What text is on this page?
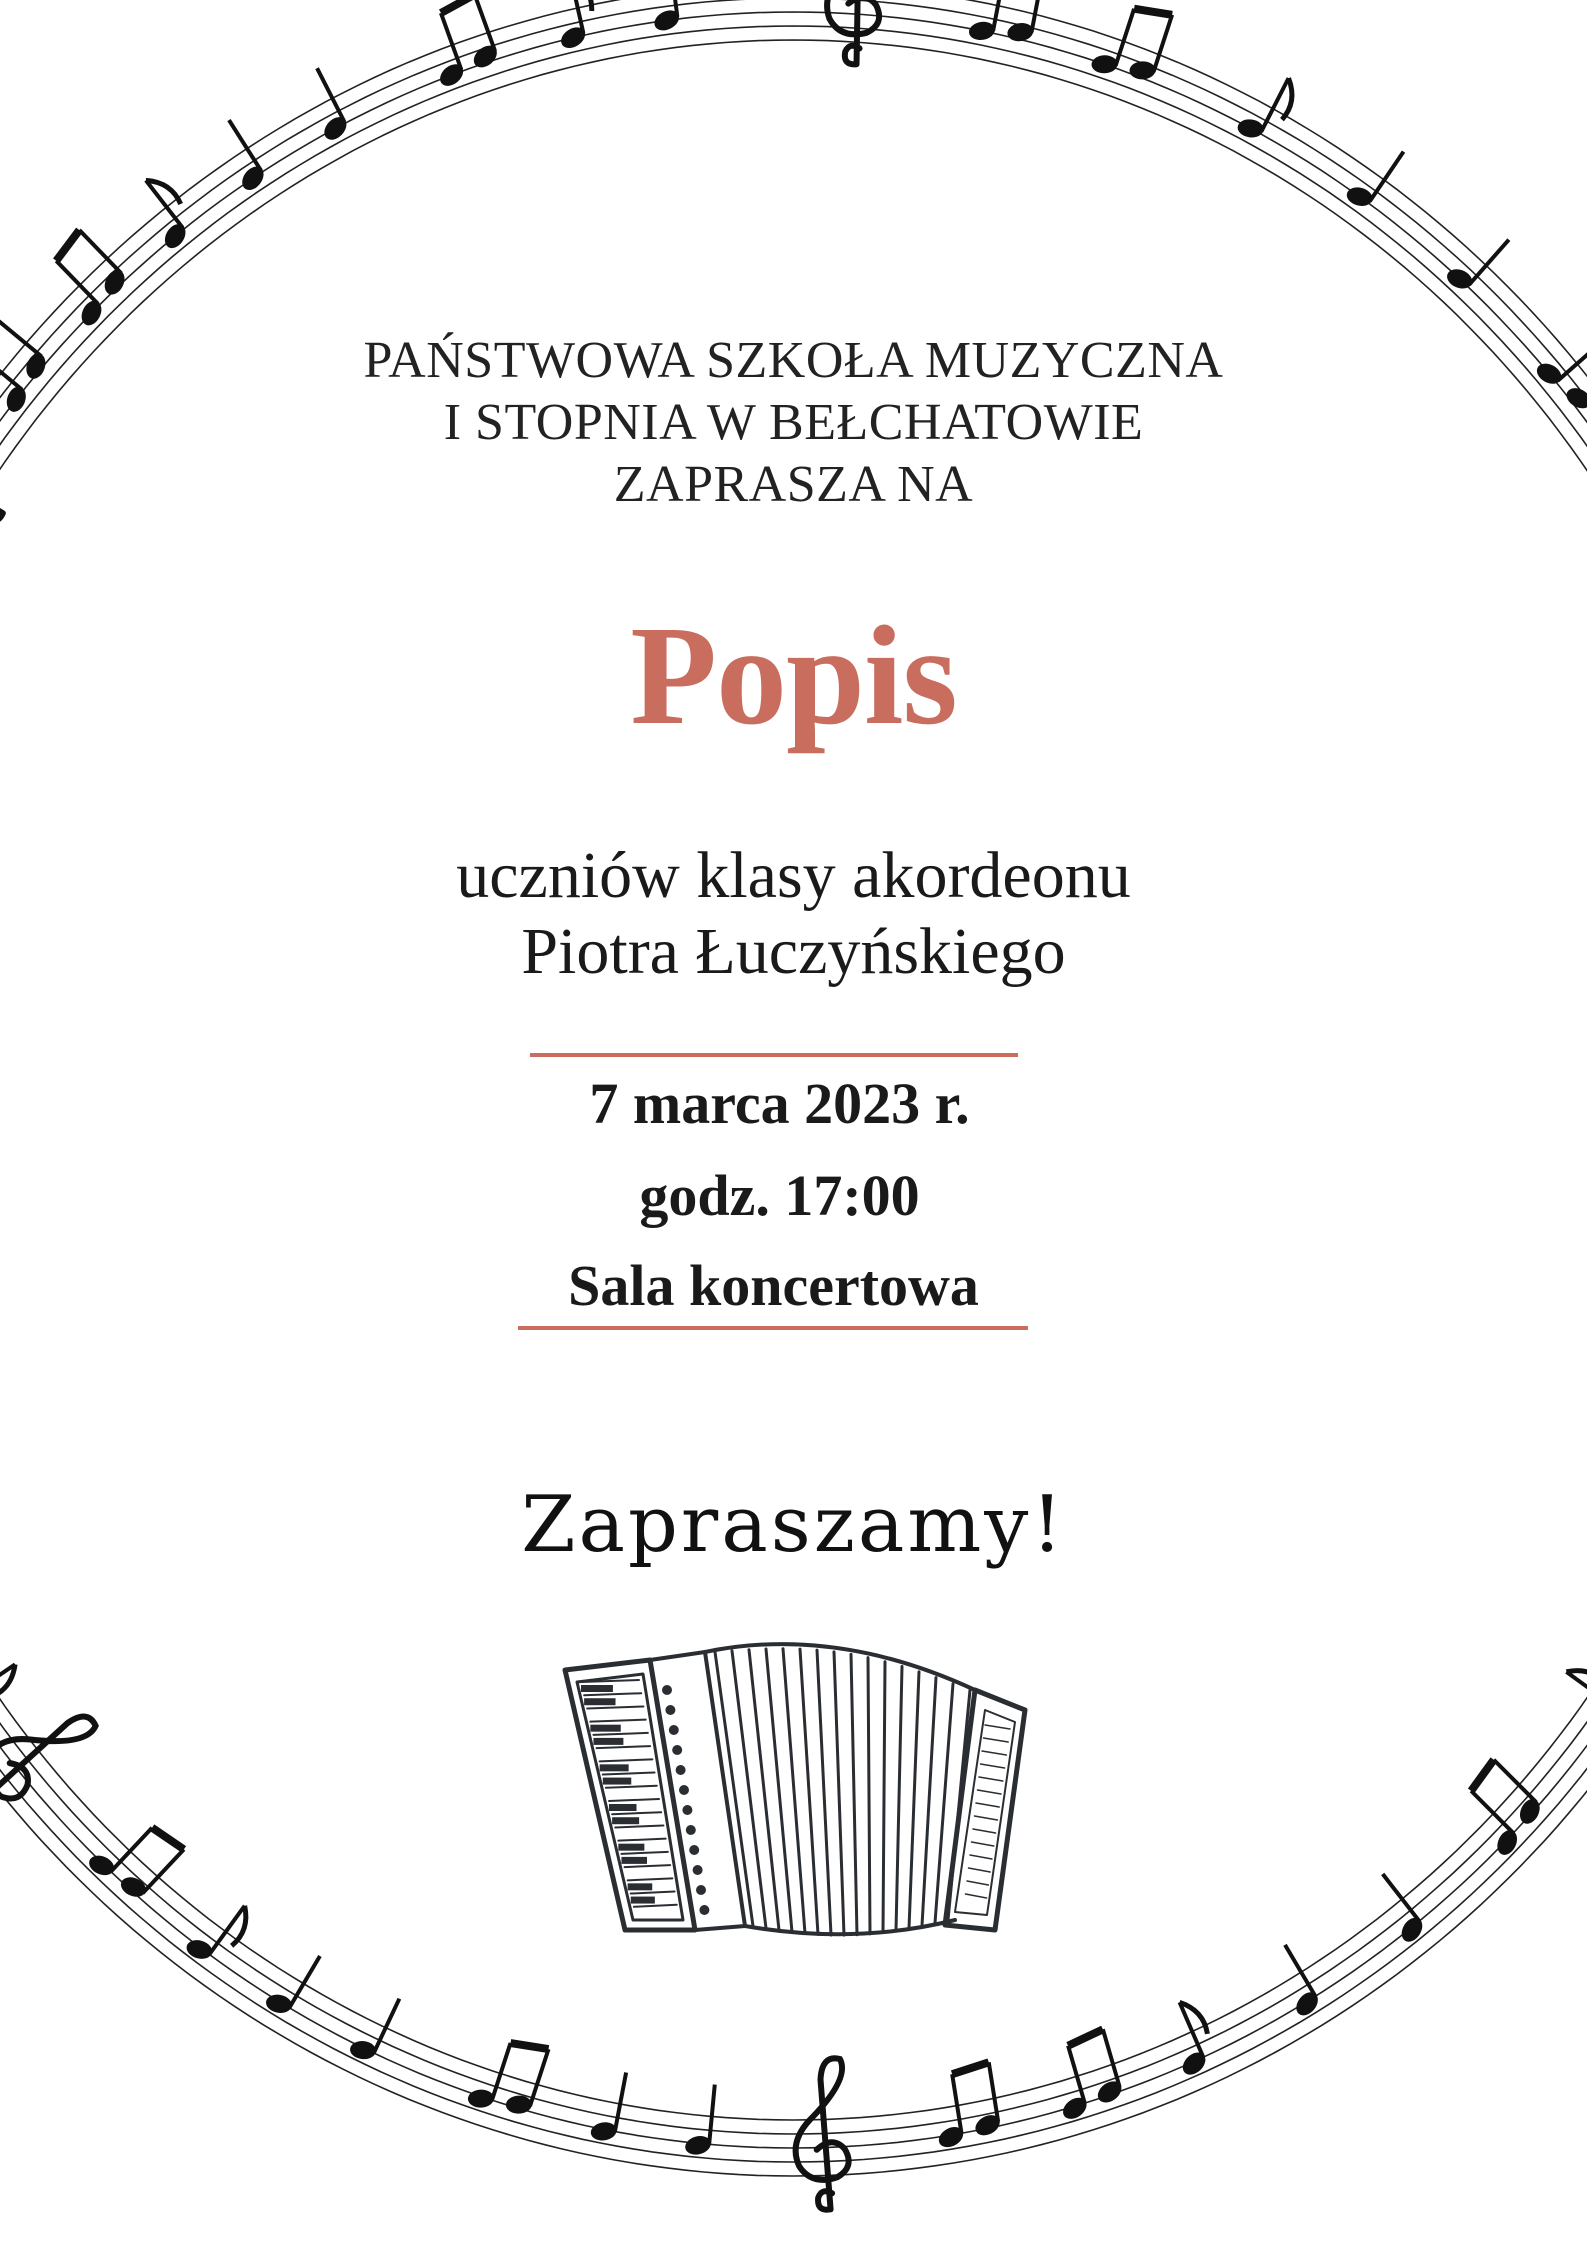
PAŃSTWOWA SZKOŁA MUZYCZNA
I STOPNIA W BEŁCHATOWIE
ZAPRASZA NA
Popis
uczniów klasy akordeonu
Piotra Łuczyńskiego
7 marca 2023 r.
godz. 17:00
Sala koncertowa
Zapraszamy!
